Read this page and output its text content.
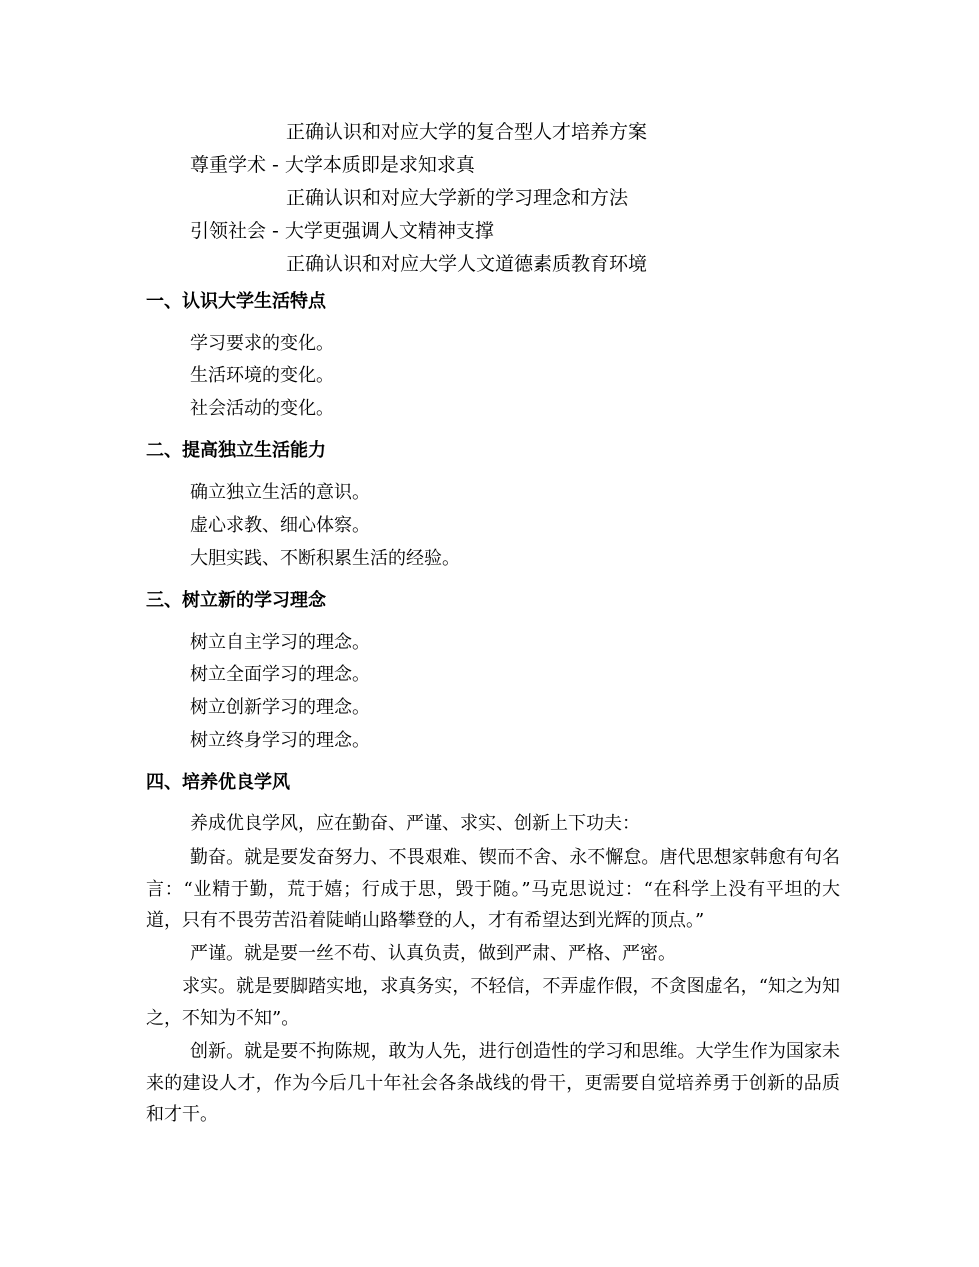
正确认识和对应大学的复合型人才培养方案
尊重学术 - 大学本质即是求知求真
正确认识和对应大学新的学习理念和方法
引领社会 - 大学更强调人文精神支撑
正确认识和对应大学人文道德素质教育环境
一、认识大学生活特点
学习要求的变化。
生活环境的变化。
社会活动的变化。
二、提高独立生活能力
确立独立生活的意识。
虚心求教、细心体察。
大胆实践、不断积累生活的经验。
三、树立新的学习理念
树立自主学习的理念。
树立全面学习的理念。
树立创新学习的理念。
树立终身学习的理念。
四、培养优良学风
养成优良学风，应在勤奋、严谨、求实、创新上下功夫：
勤奋。就是要发奋努力、不畏艰难、锲而不舍、永不懈怠。唐代思想家韩愈有句名言：“业精于勤，荒于嬉；行成于思，毁于随。”马克思说过：“在科学上没有平坦的大道，只有不畏劳苦沿着陡峭山路攀登的人，才有希望达到光辉的顶点。”
严谨。就是要一丝不苟、认真负责，做到严肃、严格、严密。
求实。就是要脚踏实地，求真务实，不轻信，不弄虚作假，不贪图虚名，“知之为知之，不知为不知”。
创新。就是要不拘陈规，敢为人先，进行创造性的学习和思维。大学生作为国家未来的建设人才，作为今后几十年社会各条战线的骨干，更需要自觉培养勇于创新的品质和才干。
